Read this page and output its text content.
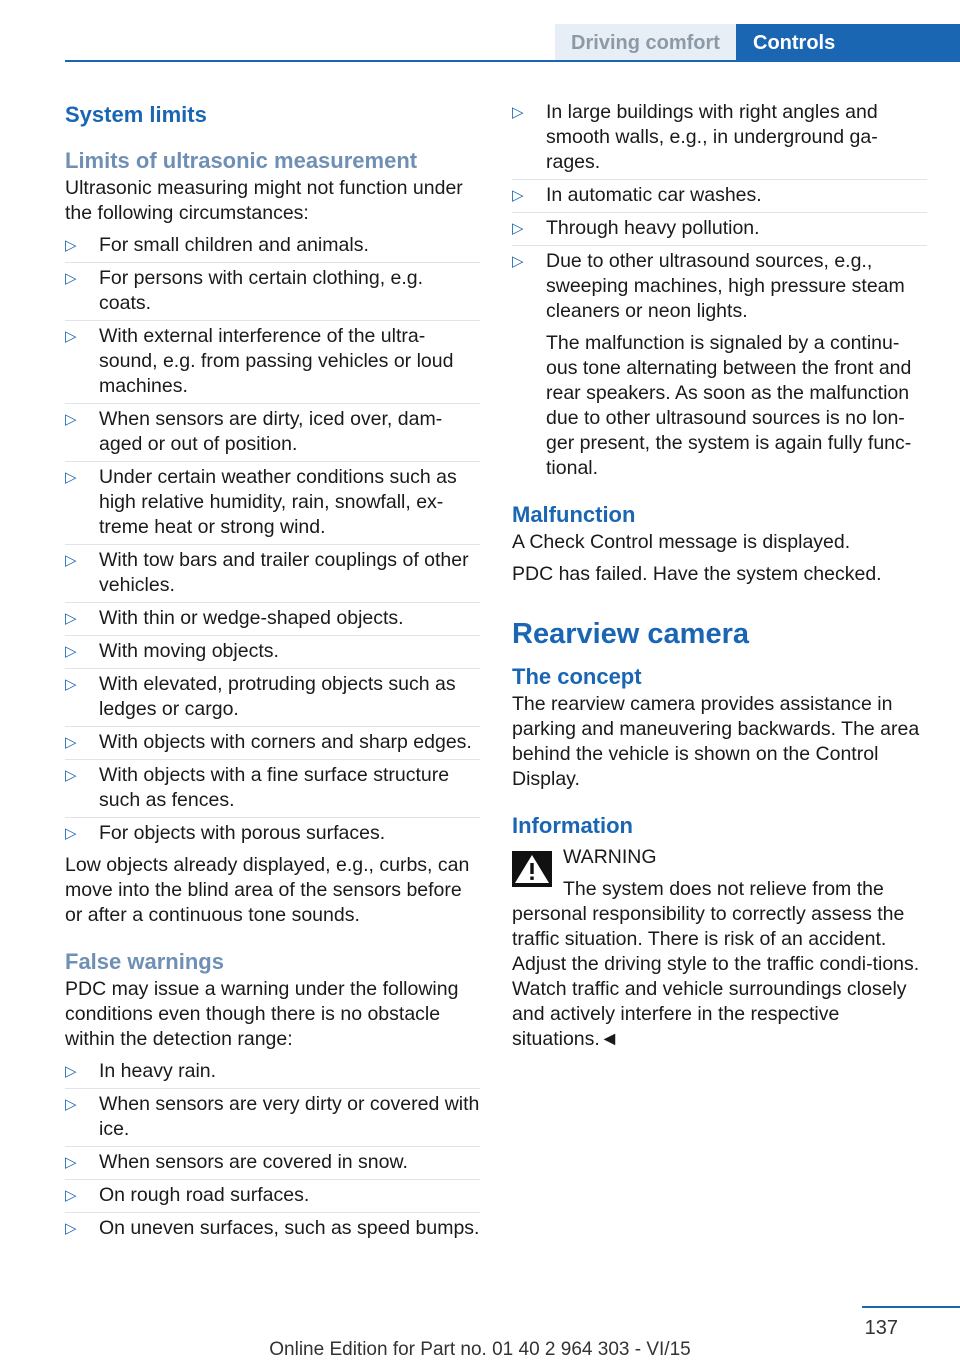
Driving comfort	Controls
System limits
Limits of ultrasonic measurement

Ultrasonic measuring might not function under the following circumstances:

▷ For small children and animals.
▷ For persons with certain clothing, e.g. coats.
▷ With external interference of the ultra‐sound, e.g. from passing vehicles or loud machines.
▷ When sensors are dirty, iced over, dam‐aged or out of position.
▷ Under certain weather conditions such as high relative humidity, rain, snowfall, ex‐treme heat or strong wind.
▷ With tow bars and trailer couplings of other vehicles.
▷ With thin or wedge-shaped objects.
▷ With moving objects.
▷ With elevated, protruding objects such as ledges or cargo.
▷ With objects with corners and sharp edges.
▷ With objects with a fine surface structure such as fences.
▷ For objects with porous surfaces.

Low objects already displayed, e.g., curbs, can move into the blind area of the sensors before or after a continuous tone sounds.

False warnings

PDC may issue a warning under the following conditions even though there is no obstacle within the detection range:

▷ In heavy rain.
▷ When sensors are very dirty or covered with ice.
▷ When sensors are covered in snow.
▷ On rough road surfaces.
▷ On uneven surfaces, such as speed bumps.
▷ In large buildings with right angles and smooth walls, e.g., in underground ga‐rages.
▷ In automatic car washes.
▷ Through heavy pollution.
▷ Due to other ultrasound sources, e.g., sweeping machines, high pressure steam cleaners or neon lights.
The malfunction is signaled by a continu‐ous tone alternating between the front and rear speakers. As soon as the malfunction due to other ultrasound sources is no lon‐ger present, the system is again fully func‐tional.
Malfunction

A Check Control message is displayed.

PDC has failed. Have the system checked.

Rearview camera
The concept

The rearview camera provides assistance in parking and maneuvering backwards. The area behind the vehicle is shown on the Control Display.

Information

WARNING

The system does not relieve from the personal responsibility to correctly assess the traffic situation. There is risk of an accident. Adjust the driving style to the traffic condi‐tions. Watch traffic and vehicle surroundings closely and actively interfere in the respective situations.◄

137
Online Edition for Part no. 01 40 2 964 303 - VI/15
